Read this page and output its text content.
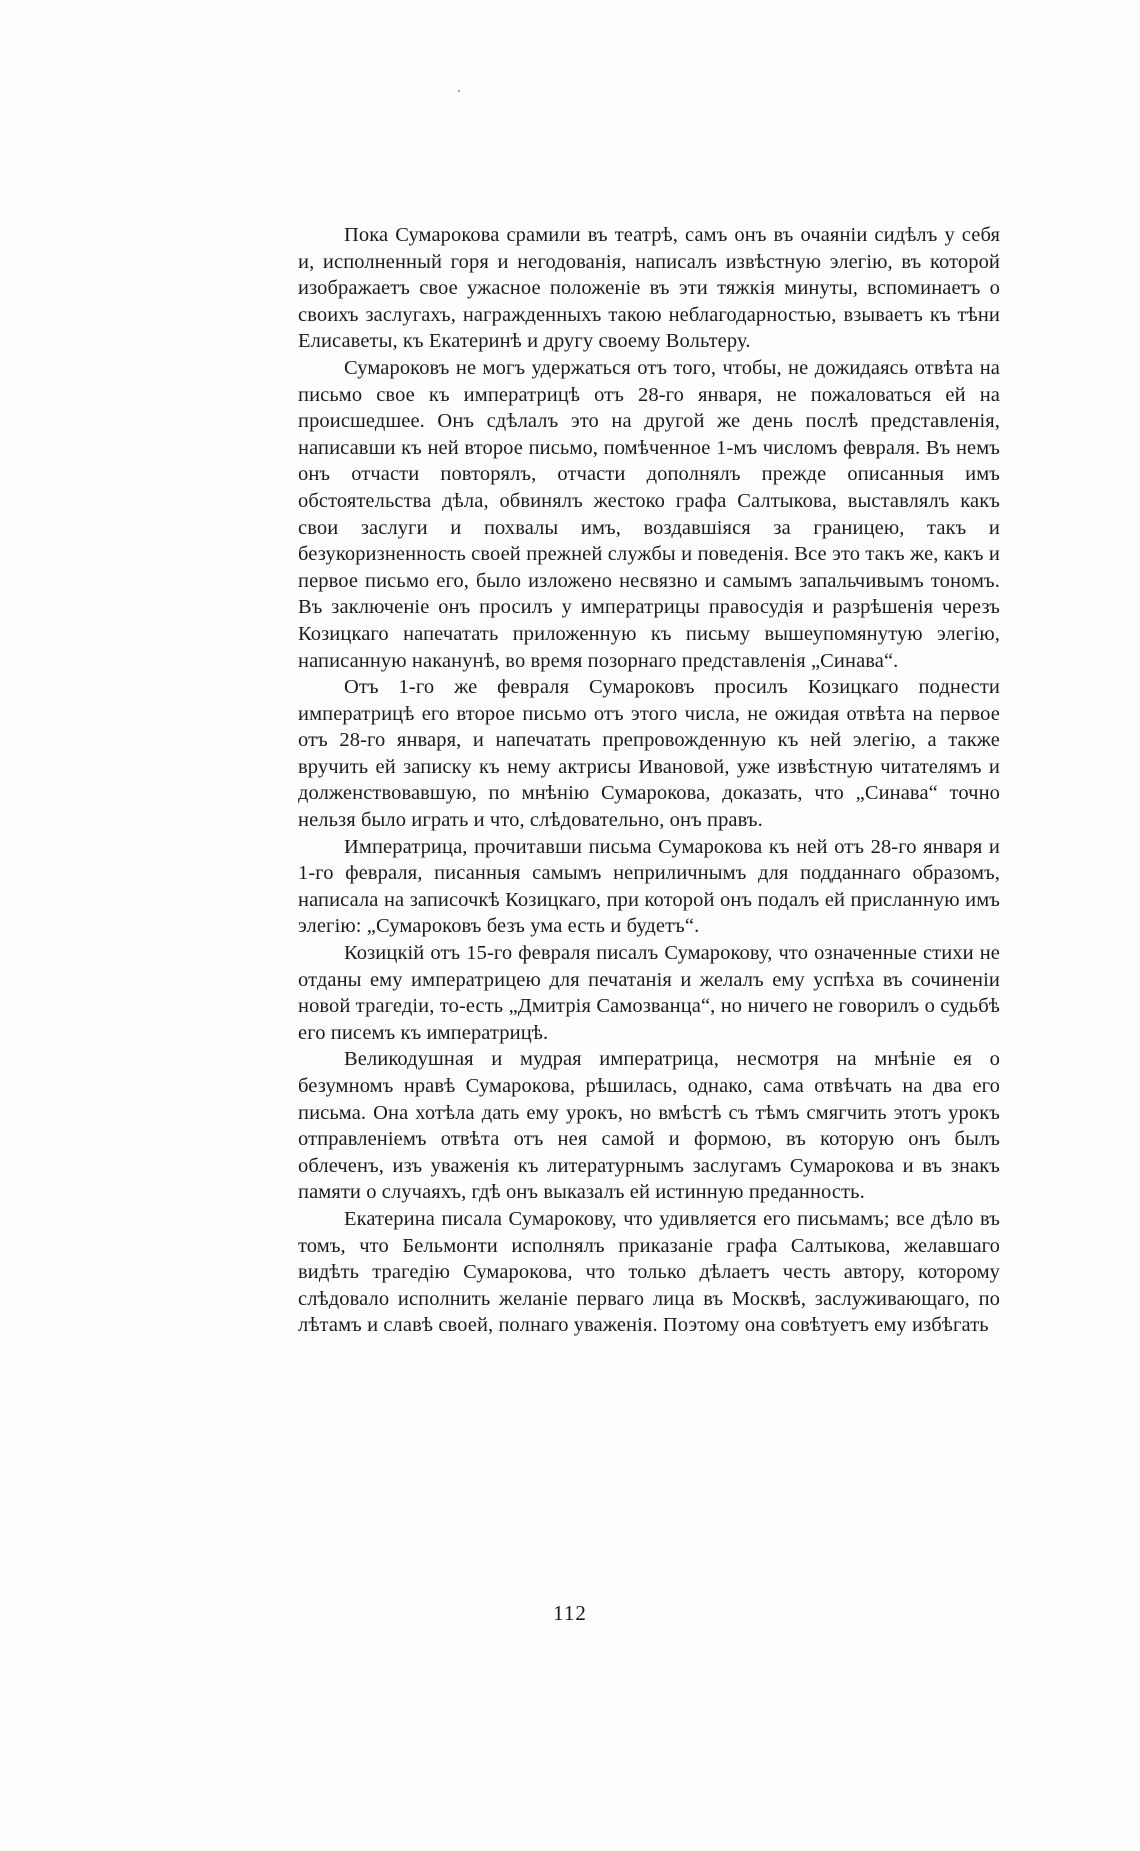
Пока Сумарокова срамили въ театрѣ, самъ онъ въ очаяніи сидѣлъ у себя и, исполненный горя и негодованія, написалъ извѣстную элегію, въ которой изображаетъ свое ужасное положеніе въ эти тяжкія минуты, вспоминаетъ о своихъ заслугахъ, награжденныхъ такою неблагодарностью, взываетъ къ тѣни Елисаветы, къ Екатеринѣ и другу своему Вольтеру.

Сумароковъ не могъ удержаться отъ того, чтобы, не дожидаясь отвѣта на письмо свое къ императрицѣ отъ 28-го января, не пожаловаться ей на происшедшее. Онъ сдѣлалъ это на другой же день послѣ представленія, написавши къ ней второе письмо, помѣченное 1-мъ числомъ февраля. Въ немъ онъ отчасти повторялъ, отчасти дополнялъ прежде описанныя имъ обстоятельства дѣла, обвинялъ жестоко графа Салтыкова, выставлялъ какъ свои заслуги и похвалы имъ, воздавшіяся за границею, такъ и безукоризненность своей прежней службы и поведенія. Все это такъ же, какъ и первое письмо его, было изложено несвязно и самымъ запальчивымъ тономъ. Въ заключеніе онъ просилъ у императрицы правосудія и разрѣшенія черезъ Козицкаго напечатать приложенную къ письму вышеупомянутую элегію, написанную наканунѣ, во время позорнаго представленія „Синава“.

Отъ 1-го же февраля Сумароковъ просилъ Козицкаго поднести императрицѣ его второе письмо отъ этого числа, не ожидая отвѣта на первое отъ 28-го января, и напечатать препровожденную къ ней элегію, а также вручить ей записку къ нему актрисы Ивановой, уже извѣстную читателямъ и долженствовавшую, по мнѣнію Сумарокова, доказать, что „Синава“ точно нельзя было играть и что, слѣдовательно, онъ правъ.

Императрица, прочитавши письма Сумарокова къ ней отъ 28-го января и 1-го февраля, писанныя самымъ неприличнымъ для подданнаго образомъ, написала на записочкѣ Козицкаго, при которой онъ подалъ ей присланную имъ элегію: „Сумароковъ безъ ума есть и будетъ“.

Козицкій отъ 15-го февраля писалъ Сумарокову, что означенные стихи не отданы ему императрицею для печатанія и желалъ ему успѣха въ сочиненіи новой трагедіи, то-есть „Дмитрія Самозванца“, но ничего не говорилъ о судьбѣ его писемъ къ императрицѣ.

Великодушная и мудрая императрица, несмотря на мнѣніе ея о безумномъ нравѣ Сумарокова, рѣшилась, однако, сама отвѣчать на два его письма. Она хотѣла дать ему урокъ, но вмѣстѣ съ тѣмъ смягчить этотъ урокъ отправленіемъ отвѣта отъ нея самой и формою, въ которую онъ былъ облеченъ, изъ уваженія къ литературнымъ заслугамъ Сумарокова и въ знакъ памяти о случаяхъ, гдѣ онъ выказалъ ей истинную преданность.

Екатерина писала Сумарокову, что удивляется его письмамъ; все дѣло въ томъ, что Бельмонти исполнялъ приказаніе графа Салтыкова, желавшаго видѣть трагедію Сумарокова, что только дѣлаетъ честь автору, которому слѣдовало исполнить желаніе перваго лица въ Москвѣ, заслуживающаго, по лѣтамъ и славѣ своей, полнаго уваженія. Поэтому она совѣтуетъ ему избѣгать

112
